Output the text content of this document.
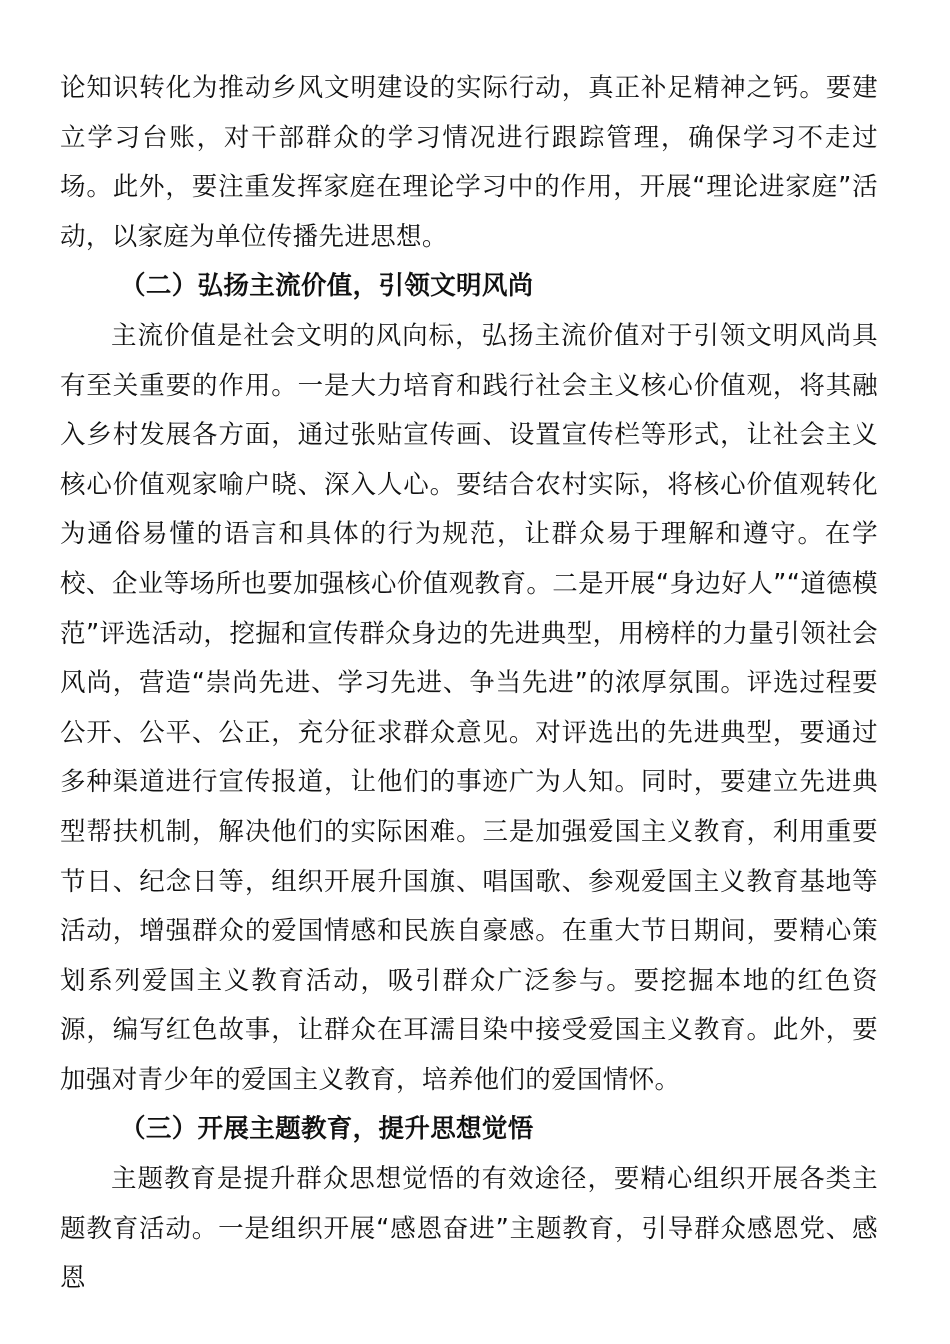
论知识转化为推动乡风文明建设的实际行动，真正补足精神之钙。要建立学习台账，对干部群众的学习情况进行跟踪管理，确保学习不走过场。此外，要注重发挥家庭在理论学习中的作用，开展“理论进家庭”活动，以家庭为单位传播先进思想。

（二）弘扬主流价值，引领文明风尚

主流价值是社会文明的风向标，弘扬主流价值对于引领文明风尚具有至关重要的作用。一是大力培育和践行社会主义核心价值观，将其融入乡村发展各方面，通过张贴宣传画、设置宣传栏等形式，让社会主义核心价值观家喻户晓、深入人心。要结合农村实际，将核心价值观转化为通俗易懂的语言和具体的行为规范，让群众易于理解和遵守。在学校、企业等场所也要加强核心价值观教育。二是开展“身边好人”“道德模范”评选活动，挖掘和宣传群众身边的先进典型，用榜样的力量引领社会风尚，营造“崇尚先进、学习先进、争当先进”的浓厚氛围。评选过程要公开、公平、公正，充分征求群众意见。对评选出的先进典型，要通过多种渠道进行宣传报道，让他们的事迹广为人知。同时，要建立先进典型帮扶机制，解决他们的实际困难。三是加强爱国主义教育，利用重要节日、纪念日等，组织开展升国旗、唱国歌、参观爱国主义教育基地等活动，增强群众的爱国情感和民族自豪感。在重大节日期间，要精心策划系列爱国主义教育活动，吸引群众广泛参与。要挖掘本地的红色资源，编写红色故事，让群众在耳濡目染中接受爱国主义教育。此外，要加强对青少年的爱国主义教育，培养他们的爱国情怀。

（三）开展主题教育，提升思想觉悟

主题教育是提升群众思想觉悟的有效途径，要精心组织开展各类主题教育活动。一是组织开展“感恩奋进”主题教育，引导群众感恩党、感恩
